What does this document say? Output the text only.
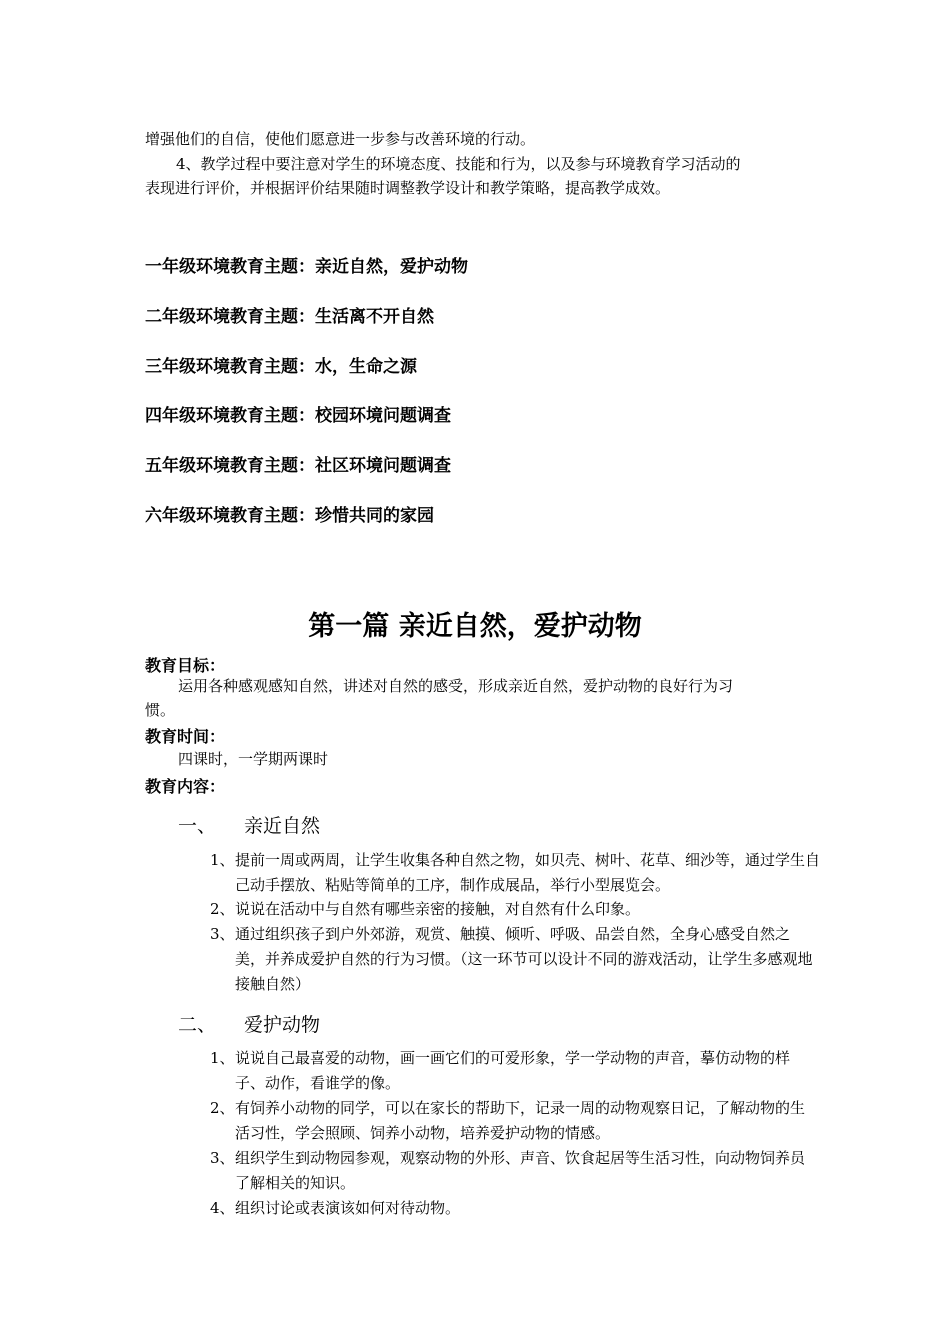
增强他们的自信，使他们愿意进一步参与改善环境的行动。
4、教学过程中要注意对学生的环境态度、技能和行为，以及参与环境教育学习活动的
表现进行评价，并根据评价结果随时调整教学设计和教学策略，提高教学成效。
一年级环境教育主题：亲近自然，爱护动物
二年级环境教育主题：生活离不开自然
三年级环境教育主题：水，生命之源
四年级环境教育主题：校园环境问题调查
五年级环境教育主题：社区环境问题调查
六年级环境教育主题：珍惜共同的家园
第一篇 亲近自然，爱护动物
教育目标：
运用各种感观感知自然，讲述对自然的感受，形成亲近自然，爱护动物的良好行为习
惯。
教育时间：
四课时，一学期两课时
教育内容：
一、 亲近自然
1、 提前一周或两周，让学生收集各种自然之物，如贝壳、树叶、花草、细沙等，通过学生自己动手摆放、粘贴等简单的工序，制作成展品，举行小型展览会。
2、 说说在活动中与自然有哪些亲密的接触，对自然有什么印象。
3、 通过组织孩子到户外郊游，观赏、触摸、倾听、呼吸、品尝自然，全身心感受自然之美，并养成爱护自然的行为习惯。（这一环节可以设计不同的游戏活动，让学生多感观地接触自然）
二、 爱护动物
1、 说说自己最喜爱的动物，画一画它们的可爱形象，学一学动物的声音，摹仿动物的样子、动作，看谁学的像。
2、 有饲养小动物的同学，可以在家长的帮助下，记录一周的动物观察日记，了解动物的生活习性，学会照顾、饲养小动物，培养爱护动物的情感。
3、 组织学生到动物园参观，观察动物的外形、声音、饮食起居等生活习性，向动物饲养员了解相关的知识。
4、 组织讨论或表演该如何对待动物。
